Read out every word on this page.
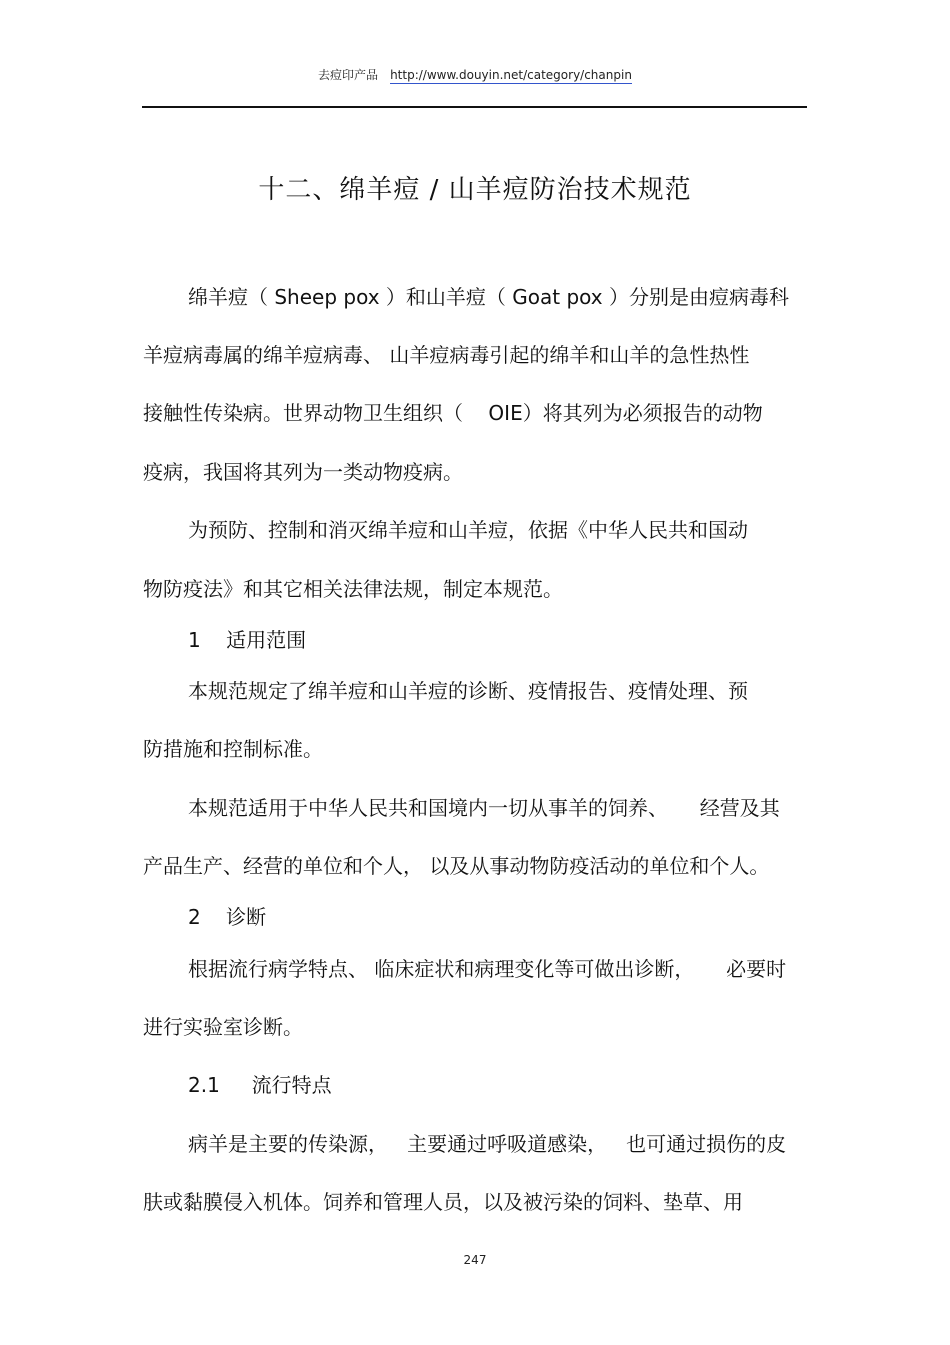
去痘印产品 http://www.douyin.net/category/chanpin
十二、绵羊痘 / 山羊痘防治技术规范
绵羊痘（ Sheep pox ）和山羊痘（ Goat pox ）分别是由痘病毒科
羊痘病毒属的绵羊痘病毒、 山羊痘病毒引起的绵羊和山羊的急性热性
接触性传染病。世界动物卫生组织（    OIE）将其列为必须报告的动物
疫病，我国将其列为一类动物疫病。
为预防、控制和消灭绵羊痘和山羊痘，依据《中华人民共和国动
物防疫法》和其它相关法律法规，制定本规范。
1    适用范围
本规范规定了绵羊痘和山羊痘的诊断、疫情报告、疫情处理、预
防措施和控制标准。
本规范适用于中华人民共和国境内一切从事羊的饲养、     经营及其
产品生产、经营的单位和个人， 以及从事动物防疫活动的单位和个人。
2    诊断
根据流行病学特点、 临床症状和病理变化等可做出诊断，     必要时
进行实验室诊断。
2.1     流行特点
病羊是主要的传染源，   主要通过呼吸道感染，   也可通过损伤的皮
肤或黏膜侵入机体。饲养和管理人员，以及被污染的饲料、垫草、用
247
